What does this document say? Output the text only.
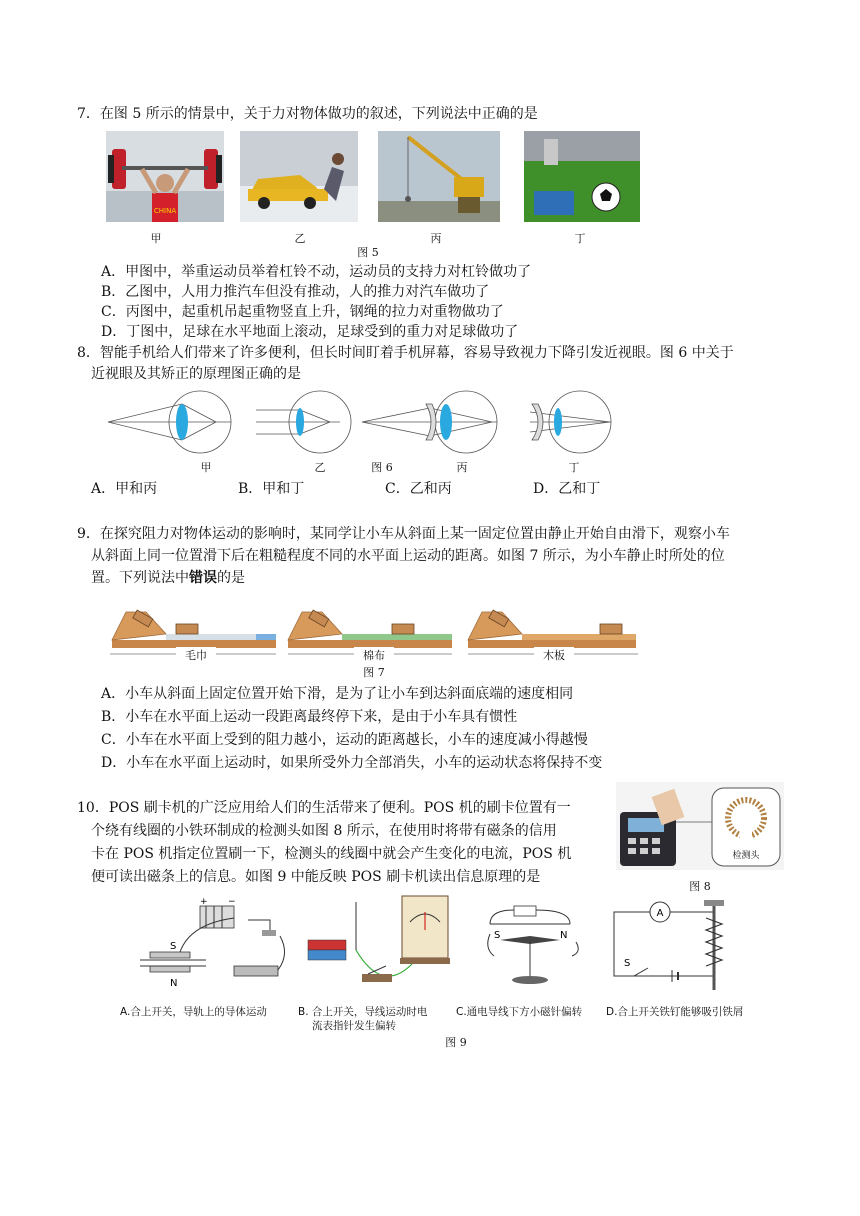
7．在图 5 所示的情景中，关于力对物体做功的叙述，下列说法中正确的是
CHINA
甲	乙	丙	丁
图 5
A．甲图中，举重运动员举着杠铃不动，运动员的支持力对杠铃做功了
B．乙图中，人用力推汽车但没有推动，人的推力对汽车做功了
C．丙图中，起重机吊起重物竖直上升，钢绳的拉力对重物做功了
D．丁图中，足球在水平地面上滚动，足球受到的重力对足球做功了
8．智能手机给人们带来了许多便利，但长时间盯着手机屏幕，容易导致视力下降引发近视眼。图 6 中关于
近视眼及其矫正的原理图正确的是
甲	乙	图 6	丙	丁
A．甲和丙	B．甲和丁	C．乙和丙	D．乙和丁
9．在探究阻力对物体运动的影响时，某同学让小车从斜面上某一固定位置由静止开始自由滑下，观察小车
从斜面上同一位置滑下后在粗糙程度不同的水平面上运动的距离。如图 7 所示，为小车静止时所处的位
置。下列说法中错误的是
毛巾	棉布	木板
图 7
A．小车从斜面上固定位置开始下滑，是为了让小车到达斜面底端的速度相同
B．小车在水平面上运动一段距离最终停下来，是由于小车具有惯性
C．小车在水平面上受到的阻力越小，运动的距离越长，小车的速度减小得越慢
D．小车在水平面上运动时，如果所受外力全部消失，小车的运动状态将保持不变
10．POS 刷卡机的广泛应用给人们的生活带来了便利。POS 机的刷卡位置有一
个绕有线圈的小铁环制成的检测头如图 8 所示，在使用时将带有磁条的信用
卡在 POS 机指定位置刷一下，检测头的线圈中就会产生变化的电流，POS 机
便可读出磁条上的信息。如图 9 中能反映 POS 刷卡机读出信息原理的是
检测头
图 8
+ −
S
N
S	N
A
S
A.合上开关，导轨上的导体运动	B. 合上开关，导线运动时电
流表指针发生偏转
C.通电导线下方小磁针偏转 D.合上开关铁钉能够吸引铁屑
图 9
